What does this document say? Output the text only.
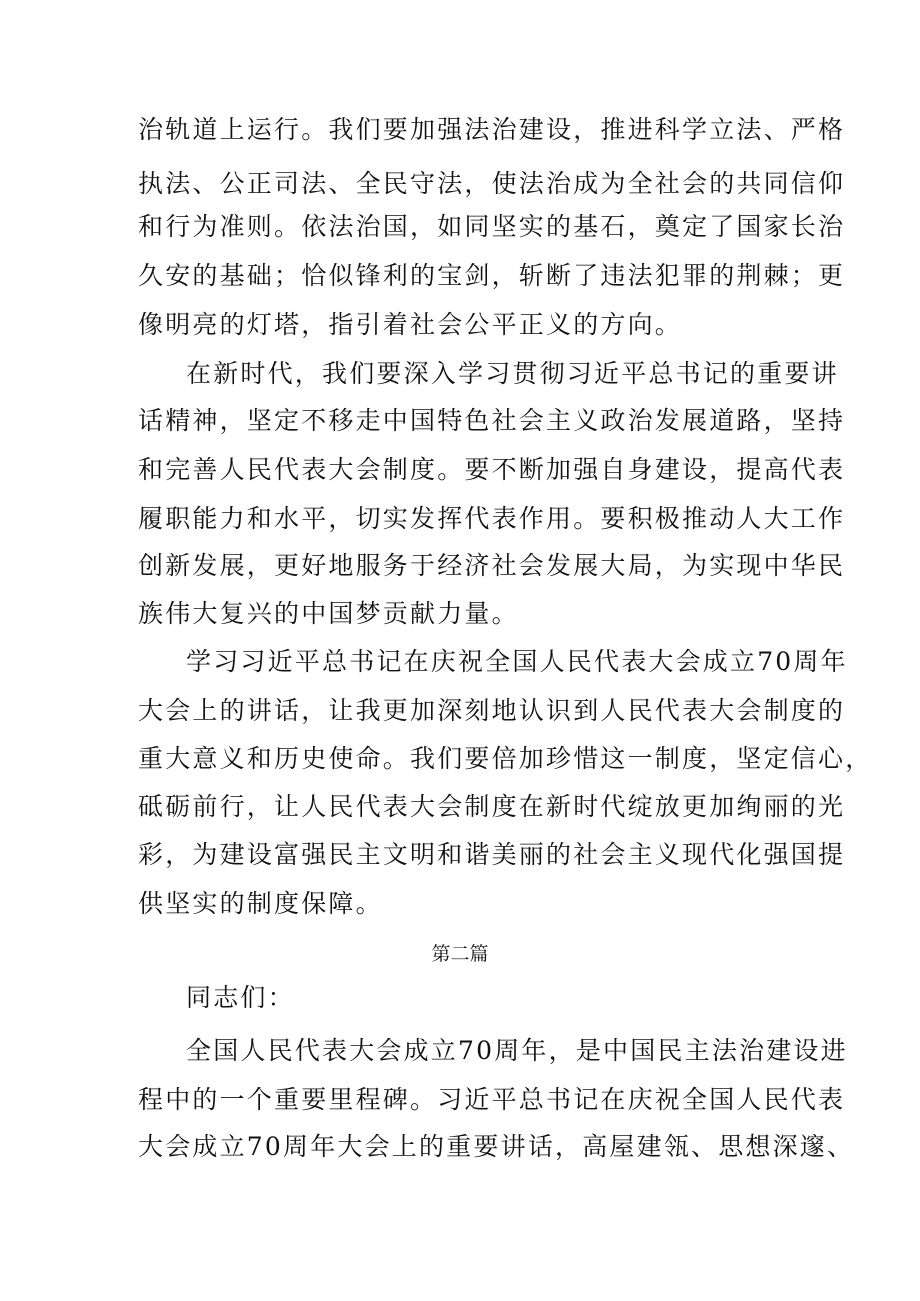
治轨道上运行。我们要加强法治建设，推进科学立法、严格
执法、公正司法、全民守法，使法治成为全社会的共同信仰
和行为准则。依法治国，如同坚实的基石，奠定了国家长治
久安的基础；恰似锋利的宝剑，斩断了违法犯罪的荆棘；更
像明亮的灯塔，指引着社会公平正义的方向。
在新时代，我们要深入学习贯彻习近平总书记的重要讲
话精神，坚定不移走中国特色社会主义政治发展道路，坚持
和完善人民代表大会制度。要不断加强自身建设，提高代表
履职能力和水平，切实发挥代表作用。要积极推动人大工作
创新发展，更好地服务于经济社会发展大局，为实现中华民
族伟大复兴的中国梦贡献力量。
学习习近平总书记在庆祝全国人民代表大会成立70周年
大会上的讲话，让我更加深刻地认识到人民代表大会制度的
重大意义和历史使命。我们要倍加珍惜这一制度，坚定信心，
砥砺前行，让人民代表大会制度在新时代绽放更加绚丽的光
彩，为建设富强民主文明和谐美丽的社会主义现代化强国提
供坚实的制度保障。
第二篇
同志们：
全国人民代表大会成立70周年，是中国民主法治建设进
程中的一个重要里程碑。习近平总书记在庆祝全国人民代表
大会成立70周年大会上的重要讲话，高屋建瓴、思想深邃、
